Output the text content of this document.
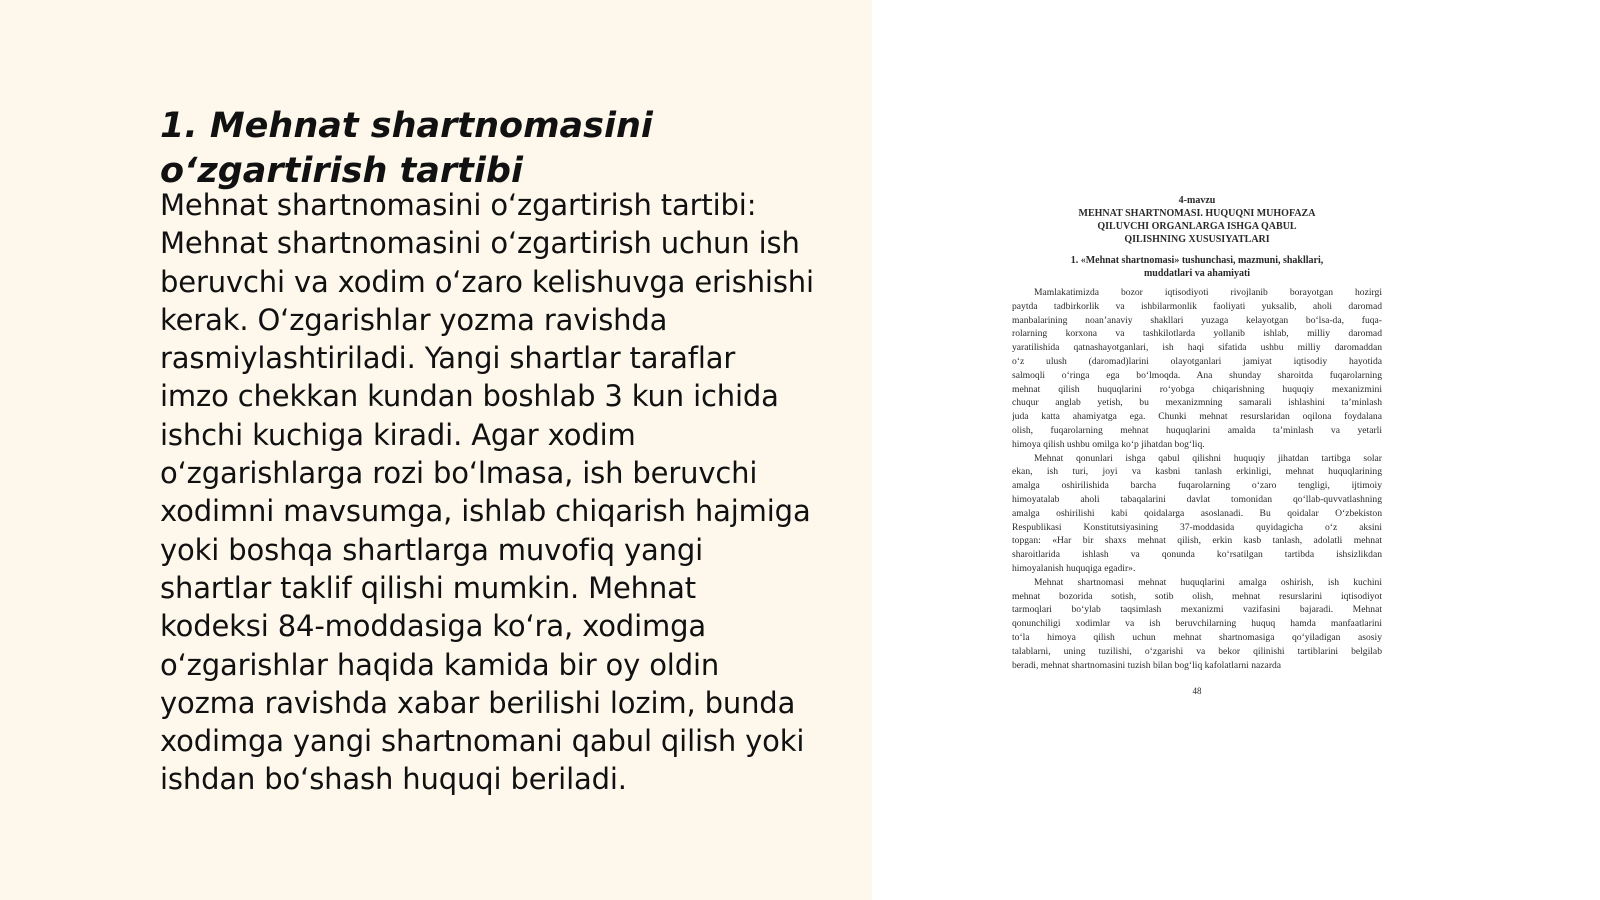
1. Mehnat shartnomasini o‘zgartirish tartibi

Mehnat shartnomasini o‘zgartirish tartibi:
Mehnat shartnomasini o‘zgartirish uchun ish
beruvchi va xodim o‘zaro kelishuvga erishishi
kerak. O‘zgarishlar yozma ravishda
rasmiylashtiriladi. Yangi shartlar taraflar
imzo chekkan kundan boshlab 3 kun ichida
ishchi kuchiga kiradi. Agar xodim
o‘zgarishlarga rozi bo‘lmasa, ish beruvchi
xodimni mavsumga, ishlab chiqarish hajmiga
yoki boshqa shartlarga muvofiq yangi
shartlar taklif qilishi mumkin. Mehnat
kodeksi 84-moddasiga ko‘ra, xodimga
o‘zgarishlar haqida kamida bir oy oldin
yozma ravishda xabar berilishi lozim, bunda
xodimga yangi shartnomani qabul qilish yoki
ishdan bo‘shash huquqi beriladi.

4-mavzu
MEHNAT SHARTNOMASI. HUQUQNI MUHOFAZA
QILUVCHI ORGANLARGA ISHGA QABUL
QILISHNING XUSUSIYATLARI
1. «Mehnat shartnomasi» tushunchasi, mazmuni, shakllari,
muddatlari va ahamiyati
Mamlakatimizda bozor iqtisodiyoti rivojlanib borayotgan hozirgi
paytda tadbirkorlik va ishbilarmonlik faoliyati yuksalib, aholi daromad
manbalarining noan’anaviy shakllari yuzaga kelayotgan bo‘lsa-da, fuqa-
rolarning korxona va tashkilotlarda yollanib ishlab, milliy daromad
yaratilishida qatnashayotganlari, ish haqi sifatida ushbu milliy daromaddan
o‘z ulush (daromad)larini olayotganlari jamiyat iqtisodiy hayotida
salmoqli o‘ringa ega bo‘lmoqda. Ana shunday sharoitda fuqarolarning
mehnat qilish huquqlarini ro‘yobga chiqarishning huquqiy mexanizmini
chuqur anglab yetish, bu mexanizmning samarali ishlashini ta’minlash
juda katta ahamiyatga ega. Chunki mehnat resurslaridan oqilona foydalana
olish, fuqarolarning mehnat huquqlarini amalda ta’minlash va yetarli
himoya qilish ushbu omilga ko‘p jihatdan bog‘liq.
Mehnat qonunlari ishga qabul qilishni huquqiy jihatdan tartibga solar
ekan, ish turi, joyi va kasbni tanlash erkinligi, mehnat huquqlarining
amalga oshirilishida barcha fuqarolarning o‘zaro tengligi, ijtimoiy
himoyatalab aholi tabaqalarini davlat tomonidan qo‘llab-quvvatlashning
amalga oshirilishi kabi qoidalarga asoslanadi. Bu qoidalar O‘zbekiston
Respublikasi Konstitutsiyasining 37-moddasida quyidagicha o‘z aksini
topgan: «Har bir shaxs mehnat qilish, erkin kasb tanlash, adolatli mehnat
sharoitlarida ishlash va qonunda ko‘rsatilgan tartibda ishsizlikdan
himoyalanish huquqiga egadir».
Mehnat shartnomasi mehnat huquqlarini amalga oshirish, ish kuchini
mehnat bozorida sotish, sotib olish, mehnat resurslarini iqtisodiyot
tarmoqlari bo‘ylab taqsimlash mexanizmi vazifasini bajaradi. Mehnat
qonunchiligi xodimlar va ish beruvchilarning huquq hamda manfaatlarini
to‘la himoya qilish uchun mehnat shartnomasiga qo‘yiladigan asosiy
talablarni, uning tuzilishi, o‘zgarishi va bekor qilinishi tartiblarini belgilab
beradi, mehnat shartnomasini tuzish bilan bog‘liq kafolatlarni nazarda
48
